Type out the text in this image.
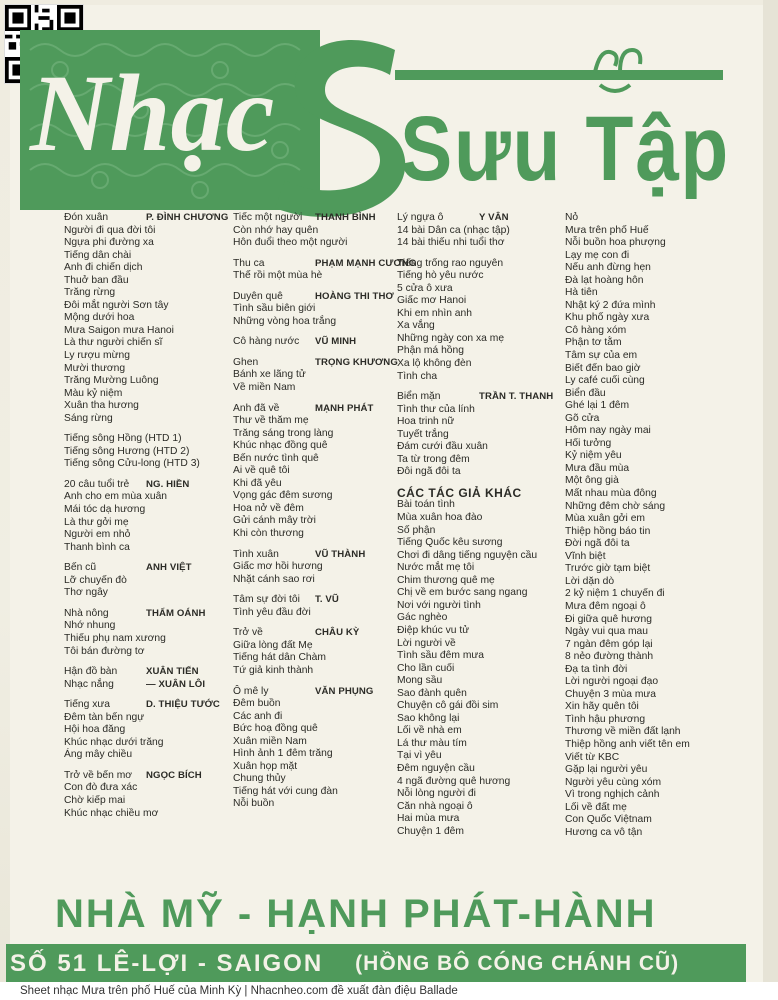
Nhạc Sưu Tập
Đón xuân	P. ĐÌNH CHƯƠNG
Người đi qua đời tôi
Ngựa phi đường xa
Tiếng dân chài
Anh đi chiến dịch
Thuở ban đầu
Trăng rừng
Đôi mắt người Sơn tây
Mộng dưới hoa
Mưa Saigon mưa Hanoi
Là thư người chiến sĩ
Ly rượu mừng
Mười thương
Trăng Mường Luông
Màu kỷ niệm
Xuân tha hương
Sáng rừng
Tiếng sông Hồng (HTD 1)
Tiếng sông Hương (HTD 2)
Tiếng sông Cửu-long (HTD 3)
20 câu tuổi trẻ NG. HIỀN
Anh cho em mùa xuân
Mái tóc dạ hương
Là thư gởi mẹ
Người em nhỏ
Thanh bình ca
Bến cũ	ANH VIỆT
Lỡ chuyến đò
Thơ ngây
Nhà nông	THẨM OÁNH
Nhớ nhung
Thiếu phụ nam xương
Tôi bán đường tơ
Hận đồ bàn	XUÂN TIẾN
Nhạc nắng	— XUÂN LÔI
Tiếng xưa	D. THIỆU TƯỚC
Đêm tàn bến ngự
Hội hoa đăng
Khúc nhạc dưới trăng
Áng mây chiều
Trở về bến mơ NGỌC BÍCH
Con đò đưa xác
Chờ kiếp mai
Khúc nhạc chiều mơ
Tiếc một người THANH BÌNH
Còn nhớ hay quên
Hôn đuổi theo một người
Thu ca	PHẠM MẠNH CƯƠNG
Thế rồi một mùa hè
Duyên quê	HOÀNG THI THƠ
Tình sầu biên giới
Những vòng hoa trắng
Cô hàng nước VŨ MINH
Ghen	TRỌNG KHƯƠNG
Bánh xe lãng tử
Về miền Nam
Anh đã về	MẠNH PHÁT
Thư về thăm mẹ
Trăng sáng trong làng
Khúc nhạc đồng quê
Bến nước tình quê
Ai về quê tôi
Khi đã yêu
Vọng gác đêm sương
Hoa nở về đêm
Gửi cánh mây trời
Khi còn thương
Tình xuân	VŨ THÀNH
Giấc mơ hồi hương
Nhặt cánh sao rơi
Tâm sự đời tôi T. VŨ
Tình yêu đầu đời
Trở về	CHÂU KỲ
Giữa lòng đất Mẹ
Tiếng hát dân Chàm
Tứ giả kinh thành
Ô mê ly	VĂN PHỤNG
Đêm buồn
Các anh đi
Bức hoạ đồng quê
Xuân miền Nam
Hình ảnh 1 đêm trăng
Xuân họp mặt
Chung thủy
Tiếng hát với cung đàn
Nỗi buồn
Lý ngựa ô	Y VÂN
14 bài Dân ca (nhạc tập)
14 bài thiếu nhi tuổi thơ
Tiếng trống rao nguyên
Tiếng hò yêu nước
5 cửa ô xưa
Giấc mơ Hanoi
Khi em nhìn anh
Xa vắng
Những ngày con xa mẹ
Phận má hồng
Xa lộ không đèn
Tình cha
Biển mặn	TRẦN T. THANH
Tình thư của lính
Hoa trinh nữ
Tuyết trắng
Đám cưới đầu xuân
Ta từ trong đêm
Đôi ngã đôi ta
CÁC TÁC GIẢ KHÁC
Bài toán tình
Mùa xuân hoa đào
Số phận
Tiếng Quốc kêu sương
Chơi đi dâng tiếng nguyện cầu
Nước mắt mẹ tôi
Chim thương quê mẹ
Chị về em bước sang ngang
Nơi với người tình
Gác nghèo
Điệp khúc vu tử
Lời người về
Tình sầu đêm mưa
Cho lần cuối
Mong sầu
Sao đành quên
Chuyện cô gái đồi sim
Sao không lại
Lối về nhà em
Lá thư màu tím
Tại vì yêu
Đêm nguyện cầu
4 ngã đường quê hương
Nỗi lòng người đi
Căn nhà ngoại ô
Hai mùa mưa
Chuyện 1 đêm
Nỏ
Mưa trên phố Huế
Nỗi buồn hoa phượng
Lạy mẹ con đi
Nếu anh đừng hẹn
Đà lạt hoàng hôn
Hà tiên
Nhật ký 2 đứa mình
Khu phố ngày xưa
Cô hàng xóm
Phận tơ tằm
Tâm sự của em
Biết đến bao giờ
Ly café cuối cùng
Biển đầu
Ghé lại 1 đêm
Gõ cửa
Hôm nay ngày mai
Hối tưởng
Kỷ niệm yêu
Mưa đầu mùa
Một ông già
Mất nhau mùa đông
Những đêm chờ sáng
Mùa xuân gởi em
Thiệp hồng báo tin
Đời ngã đôi ta
Vĩnh biệt
Trước giờ tạm biệt
Lời dặn dò
2 kỷ niệm 1 chuyến đi
Mưa đêm ngoại ô
Đi giữa quê hương
Ngày vui qua mau
7 ngàn đêm góp lại
8 nẻo đường thành
Đạ ta tình đời
Lời người ngoại đạo
Chuyện 3 mùa mưa
Xin hãy quên tôi
Tình hậu phương
Thương về miền đất lạnh
Thiệp hồng anh viết tên em
Viết từ KBC
Gặp lại người yêu
Người yêu cùng xóm
Vì trong nghịch cảnh
Lối về đất mẹ
Con Quốc Việtnam
Hương ca vô tận
NHÀ MỸ - HẠNH PHÁT-HÀNH
SỐ 51 LÊ-LỢI - SAIGON (HỒNG BÔ CÓNG CHÁNH CŨ)
Sheet nhạc Mưa trên phố Huế của Minh Kỳ | Nhacnheo.com đề xuất đàn điệu Ballade
